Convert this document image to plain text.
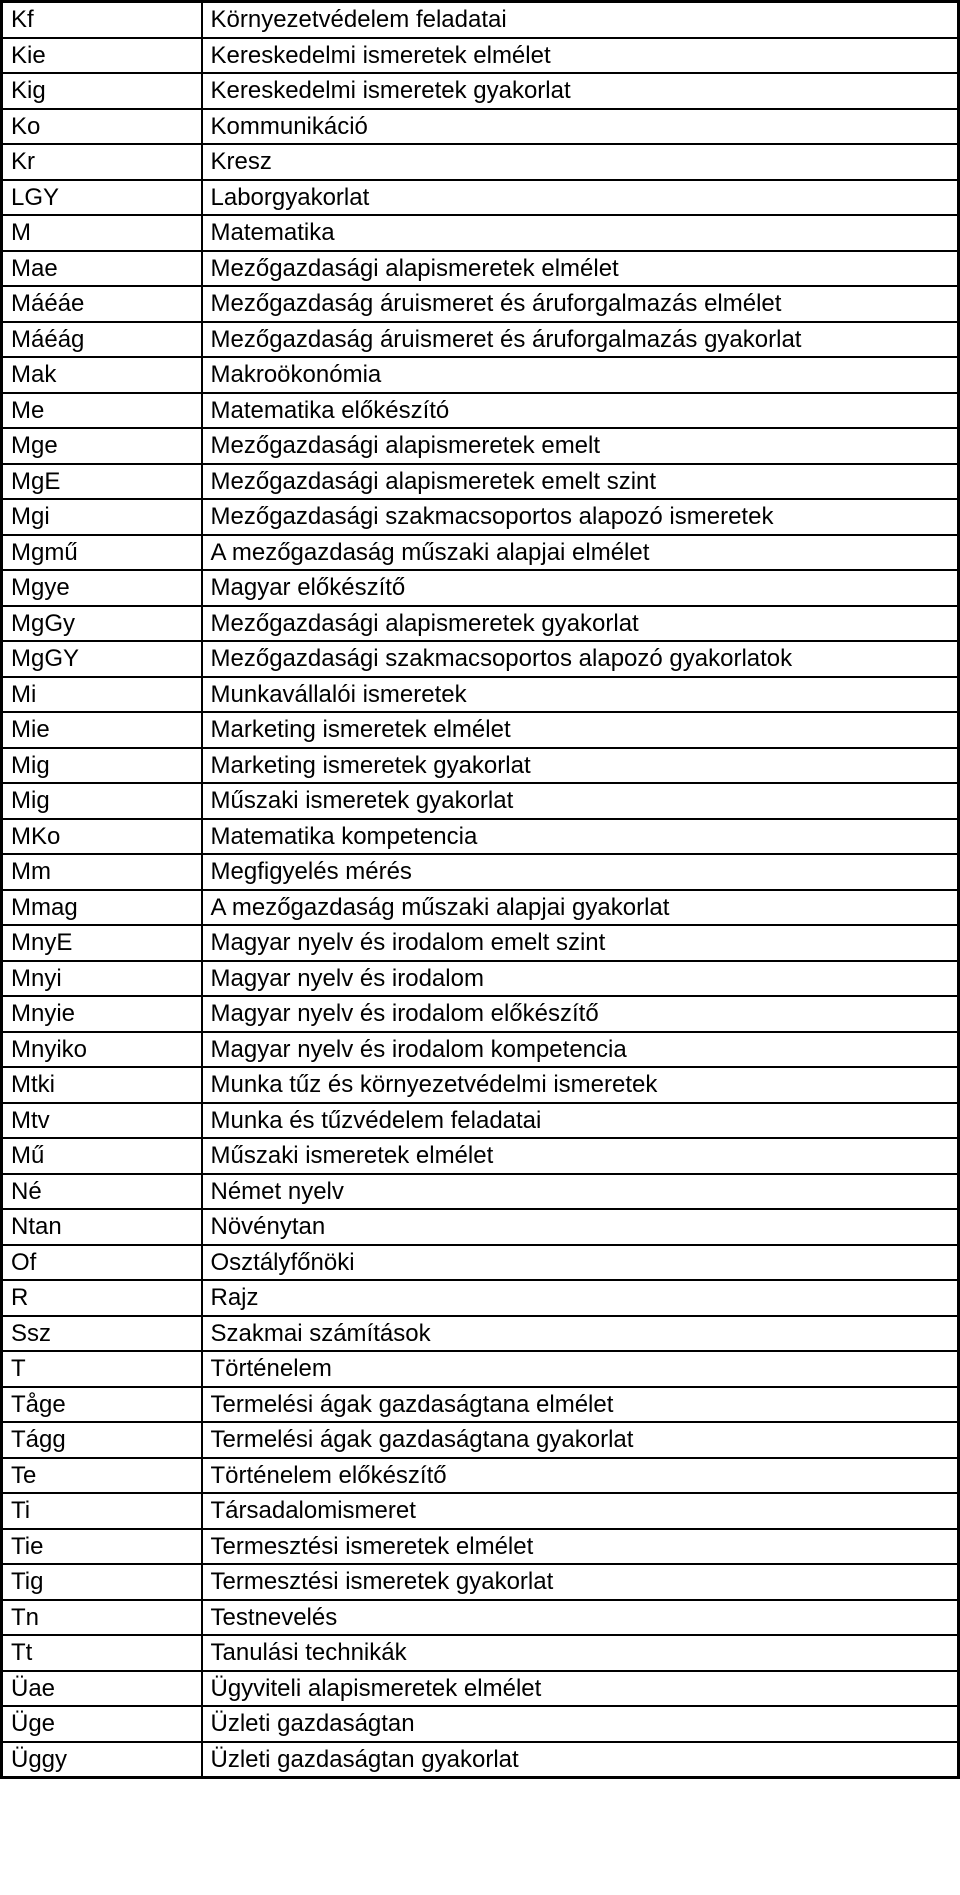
Kf	Környezetvédelem feladatai
Kie	Kereskedelmi ismeretek elmélet
Kig	Kereskedelmi ismeretek gyakorlat
Ko	Kommunikáció
Kr	Kresz
LGY	Laborgyakorlat
M	Matematika
Mae	Mezőgazdasági alapismeretek elmélet
Máéáe	Mezőgazdaság áruismeret és áruforgalmazás elmélet
Máéág	Mezőgazdaság áruismeret és áruforgalmazás gyakorlat
Mak	Makroökonómia
Me	Matematika előkészító
Mge	Mezőgazdasági alapismeretek emelt
MgE	Mezőgazdasági alapismeretek emelt szint
Mgi	Mezőgazdasági szakmacsoportos alapozó ismeretek
Mgmű	A mezőgazdaság műszaki alapjai elmélet
Mgye	Magyar előkészítő
MgGy	Mezőgazdasági alapismeretek gyakorlat
MgGY	Mezőgazdasági szakmacsoportos alapozó gyakorlatok
Mi	Munkavállalói ismeretek
Mie	Marketing ismeretek elmélet
Mig	Marketing ismeretek gyakorlat
Mig	Műszaki ismeretek gyakorlat
MKo	Matematika kompetencia
Mm	Megfigyelés mérés
Mmag	A mezőgazdaság műszaki alapjai gyakorlat
MnyE	Magyar nyelv és irodalom emelt szint
Mnyi	Magyar nyelv és irodalom
Mnyie	Magyar nyelv és irodalom előkészítő
Mnyiko	Magyar nyelv és irodalom kompetencia
Mtki	Munka tűz és környezetvédelmi ismeretek
Mtv	Munka és tűzvédelem feladatai
Mű	Műszaki ismeretek elmélet
Né	Német nyelv
Ntan	Növénytan
Of	Osztályfőnöki
R	Rajz
Ssz	Szakmai számítások
T	Történelem
Tåge	Termelési ágak gazdaságtana elmélet
Tágg	Termelési ágak gazdaságtana gyakorlat
Te	Történelem előkészítő
Ti	Társadalomismeret
Tie	Termesztési ismeretek elmélet
Tig	Termesztési ismeretek gyakorlat
Tn	Testnevelés
Tt	Tanulási technikák
Üae	Ügyviteli alapismeretek elmélet
Üge	Üzleti gazdaságtan
Üggy	Üzleti gazdaságtan gyakorlat
